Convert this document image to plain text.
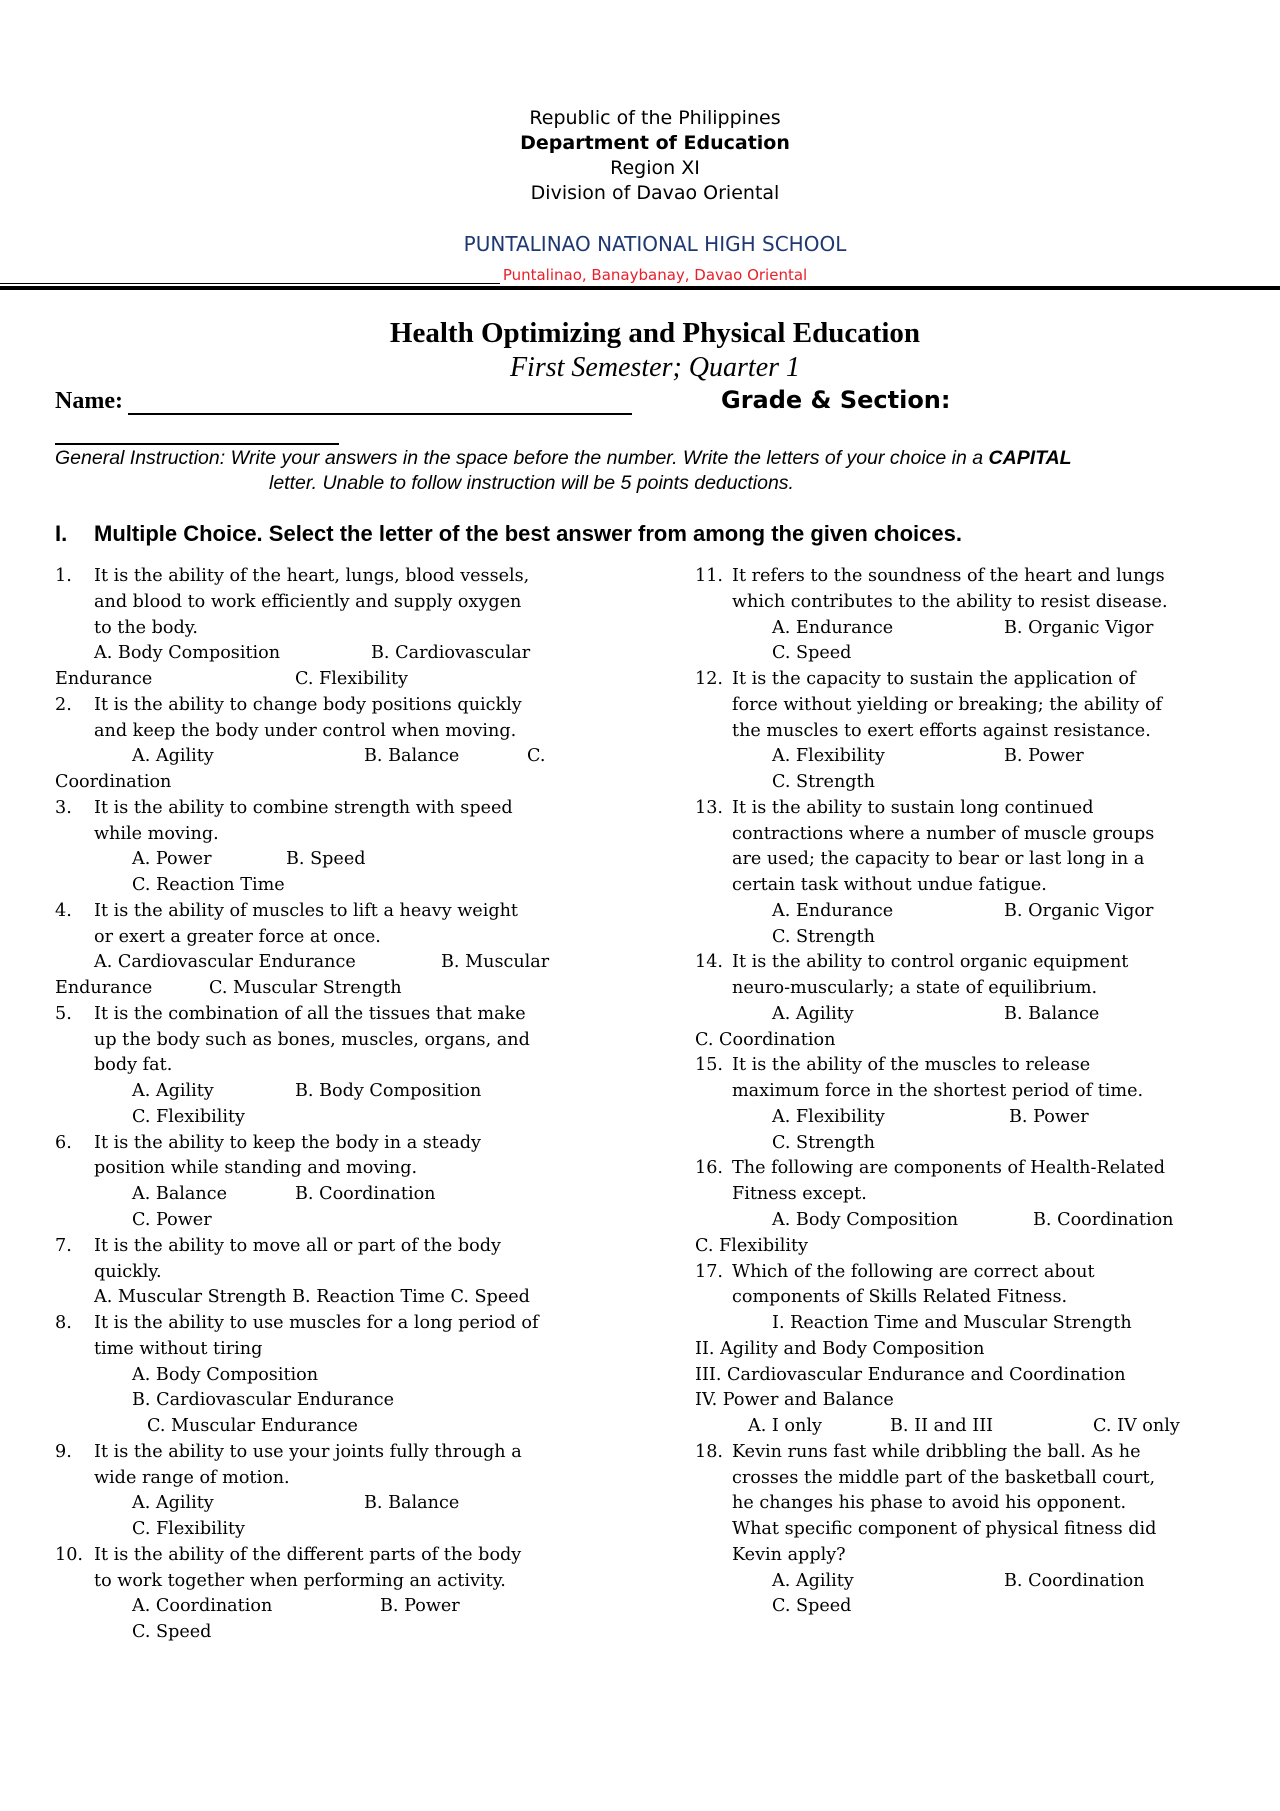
Republic of the Philippines
Department of Education
Region XI
Division of Davao Oriental
PUNTALINAO NATIONAL HIGH SCHOOL
Puntalinao, Banaybanay, Davao Oriental
Health Optimizing and Physical Education
First Semester; Quarter 1
Name:	Grade & Section:
General Instruction: Write your answers in the space before the number. Write the letters of your choice in a CAPITAL
letter. Unable to follow instruction will be 5 points deductions.
I. Multiple Choice. Select the letter of the best answer from among the given choices.
1. It is the ability of the heart, lungs, blood vessels,
and blood to work efficiently and supply oxygen
to the body.
A. Body Composition	B. Cardiovascular
Endurance	C. Flexibility
2. It is the ability to change body positions quickly
and keep the body under control when moving.
A. Agility	B. Balance	C.
Coordination
3. It is the ability to combine strength with speed
while moving.
A. Power	B. Speed
C. Reaction Time
4. It is the ability of muscles to lift a heavy weight
or exert a greater force at once.
A. Cardiovascular Endurance	B. Muscular
Endurance	C. Muscular Strength
5. It is the combination of all the tissues that make
up the body such as bones, muscles, organs, and
body fat.
A. Agility	B. Body Composition
C. Flexibility
6. It is the ability to keep the body in a steady
position while standing and moving.
A. Balance	B. Coordination
C. Power
7. It is the ability to move all or part of the body
quickly.
A. Muscular Strength B. Reaction Time C. Speed
8. It is the ability to use muscles for a long period of
time without tiring
A. Body Composition
B. Cardiovascular Endurance
C. Muscular Endurance
9. It is the ability to use your joints fully through a
wide range of motion.
A. Agility	B. Balance
C. Flexibility
10. It is the ability of the different parts of the body
to work together when performing an activity.
A. Coordination	B. Power
C. Speed
11. It refers to the soundness of the heart and lungs
which contributes to the ability to resist disease.
A. Endurance	B. Organic Vigor
C. Speed
12. It is the capacity to sustain the application of
force without yielding or breaking; the ability of
the muscles to exert efforts against resistance.
A. Flexibility	B. Power
C. Strength
13. It is the ability to sustain long continued
contractions where a number of muscle groups
are used; the capacity to bear or last long in a
certain task without undue fatigue.
A. Endurance	B. Organic Vigor
C. Strength
14. It is the ability to control organic equipment
neuro-muscularly; a state of equilibrium.
A. Agility	B. Balance
C. Coordination
15. It is the ability of the muscles to release
maximum force in the shortest period of time.
A. Flexibility	B. Power
C. Strength
16. The following are components of Health-Related
Fitness except.
A. Body Composition	B. Coordination
C. Flexibility
17. Which of the following are correct about
components of Skills Related Fitness.
I. Reaction Time and Muscular Strength
II. Agility and Body Composition
III. Cardiovascular Endurance and Coordination
IV. Power and Balance
A. I only	B. II and III	C. IV only
18. Kevin runs fast while dribbling the ball. As he
crosses the middle part of the basketball court,
he changes his phase to avoid his opponent.
What specific component of physical fitness did
Kevin apply?
A. Agility	B. Coordination
C. Speed
